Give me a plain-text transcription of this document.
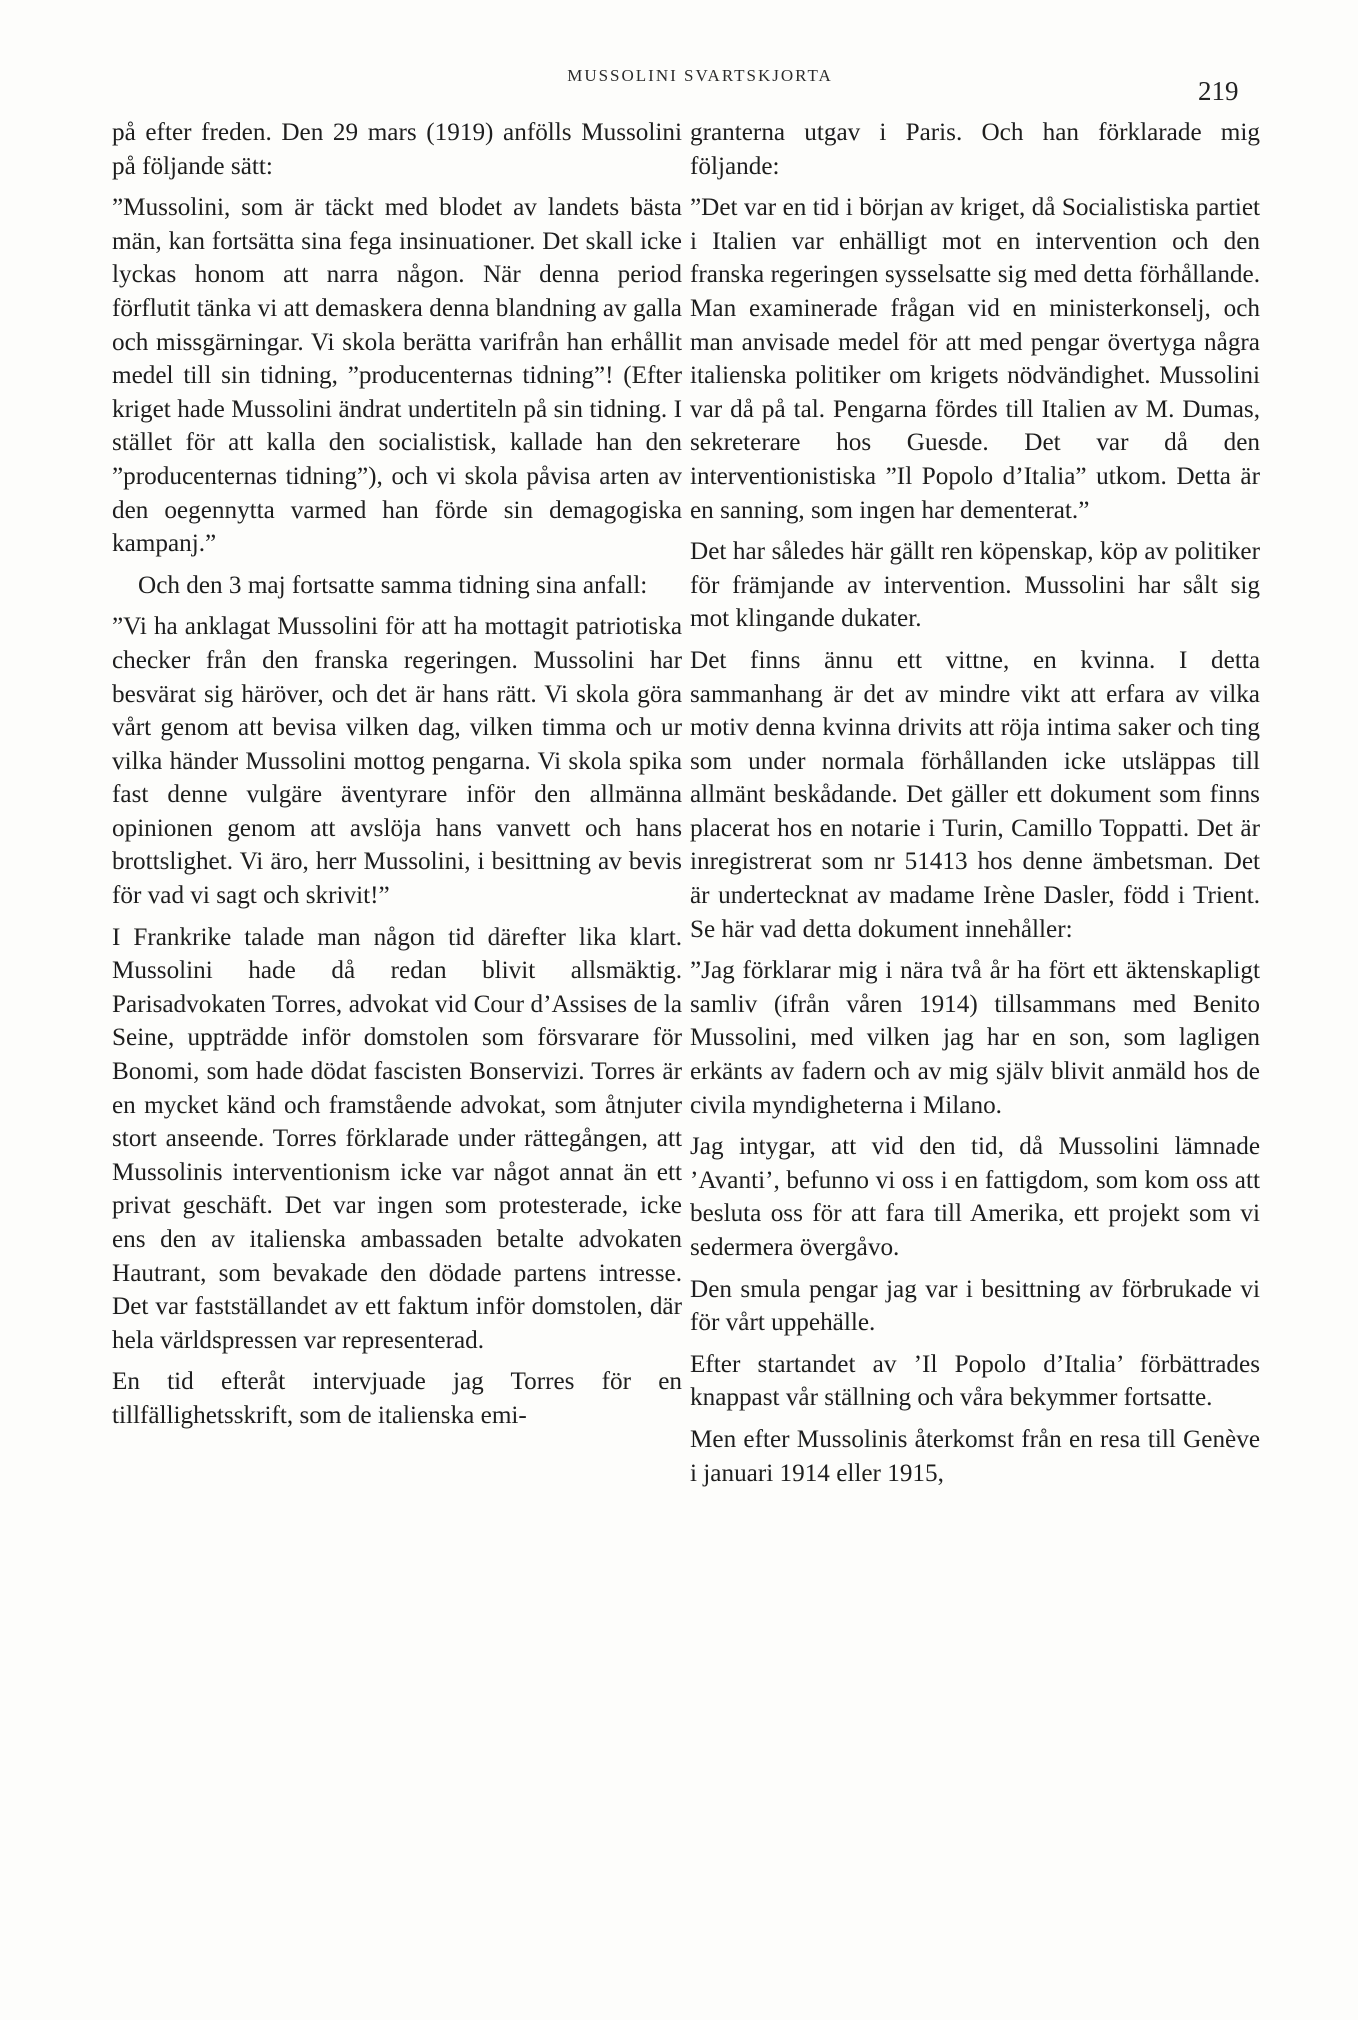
MUSSOLINI SVARTSKJORTA
219

på efter freden. Den 29 mars (1919) anfölls Mussolini på följande sätt:

”Mussolini, som är täckt med blodet av landets bästa män, kan fortsätta sina fega insinuationer. Det skall icke lyckas honom att narra någon. När denna period förflutit tänka vi att demaskera denna blandning av galla och missgärningar. Vi skola berätta varifrån han erhållit medel till sin tidning, ”producenternas tidning”! (Efter kriget hade Mussolini ändrat undertiteln på sin tidning. I stället för att kalla den socialistisk, kallade han den ”producenternas tidning”), och vi skola påvisa arten av den oegennytta varmed han förde sin demagogiska kampanj.”

Och den 3 maj fortsatte samma tidning sina anfall:

”Vi ha anklagat Mussolini för att ha mottagit patriotiska checker från den franska regeringen. Mussolini har besvärat sig häröver, och det är hans rätt. Vi skola göra vårt genom att bevisa vilken dag, vilken timma och ur vilka händer Mussolini mottog pengarna. Vi skola spika fast denne vulgäre äventyrare inför den allmänna opinionen genom att avslöja hans vanvett och hans brottslighet. Vi äro, herr Mussolini, i besittning av bevis för vad vi sagt och skrivit!”

I Frankrike talade man någon tid därefter lika klart. Mussolini hade då redan blivit allsmäktig. Parisadvokaten Torres, advokat vid Cour d’Assises de la Seine, uppträdde inför domstolen som försvarare för Bonomi, som hade dödat fascisten Bonservizi. Torres är en mycket känd och framstående advokat, som åtnjuter stort anseende. Torres förklarade under rättegången, att Mussolinis interventionism icke var något annat än ett privat geschäft. Det var ingen som protesterade, icke ens den av italienska ambassaden betalte advokaten Hautrant, som bevakade den dödade partens intresse. Det var fastställandet av ett faktum inför domstolen, där hela världspressen var representerad.

En tid efteråt intervjuade jag Torres för en tillfällighetsskrift, som de italienska emi-

granterna utgav i Paris. Och han förklarade mig följande:

”Det var en tid i början av kriget, då Socialistiska partiet i Italien var enhälligt mot en intervention och den franska regeringen sysselsatte sig med detta förhållande. Man examinerade frågan vid en ministerkonselj, och man anvisade medel för att med pengar övertyga några italienska politiker om krigets nödvändighet. Mussolini var då på tal. Pengarna fördes till Italien av M. Dumas, sekreterare hos Guesde. Det var då den interventionistiska ”Il Popolo d’Italia” utkom. Detta är en sanning, som ingen har dementerat.”

Det har således här gällt ren köpenskap, köp av politiker för främjande av intervention. Mussolini har sålt sig mot klingande dukater.

Det finns ännu ett vittne, en kvinna. I detta sammanhang är det av mindre vikt att erfara av vilka motiv denna kvinna drivits att röja intima saker och ting som under normala förhållanden icke utsläppas till allmänt beskådande. Det gäller ett dokument som finns placerat hos en notarie i Turin, Camillo Toppatti. Det är inregistrerat som nr 51413 hos denne ämbetsman. Det är undertecknat av madame Irène Dasler, född i Trient. Se här vad detta dokument innehåller:

”Jag förklarar mig i nära två år ha fört ett äktenskapligt samliv (ifrån våren 1914) tillsammans med Benito Mussolini, med vilken jag har en son, som lagligen erkänts av fadern och av mig själv blivit anmäld hos de civila myndigheterna i Milano.

Jag intygar, att vid den tid, då Mussolini lämnade ’Avanti’, befunno vi oss i en fattigdom, som kom oss att besluta oss för att fara till Amerika, ett projekt som vi sedermera övergåvo.

Den smula pengar jag var i besittning av förbrukade vi för vårt uppehälle.

Efter startandet av ’Il Popolo d’Italia’ förbättrades knappast vår ställning och våra bekymmer fortsatte.

Men efter Mussolinis återkomst från en resa till Genève i januari 1914 eller 1915,
